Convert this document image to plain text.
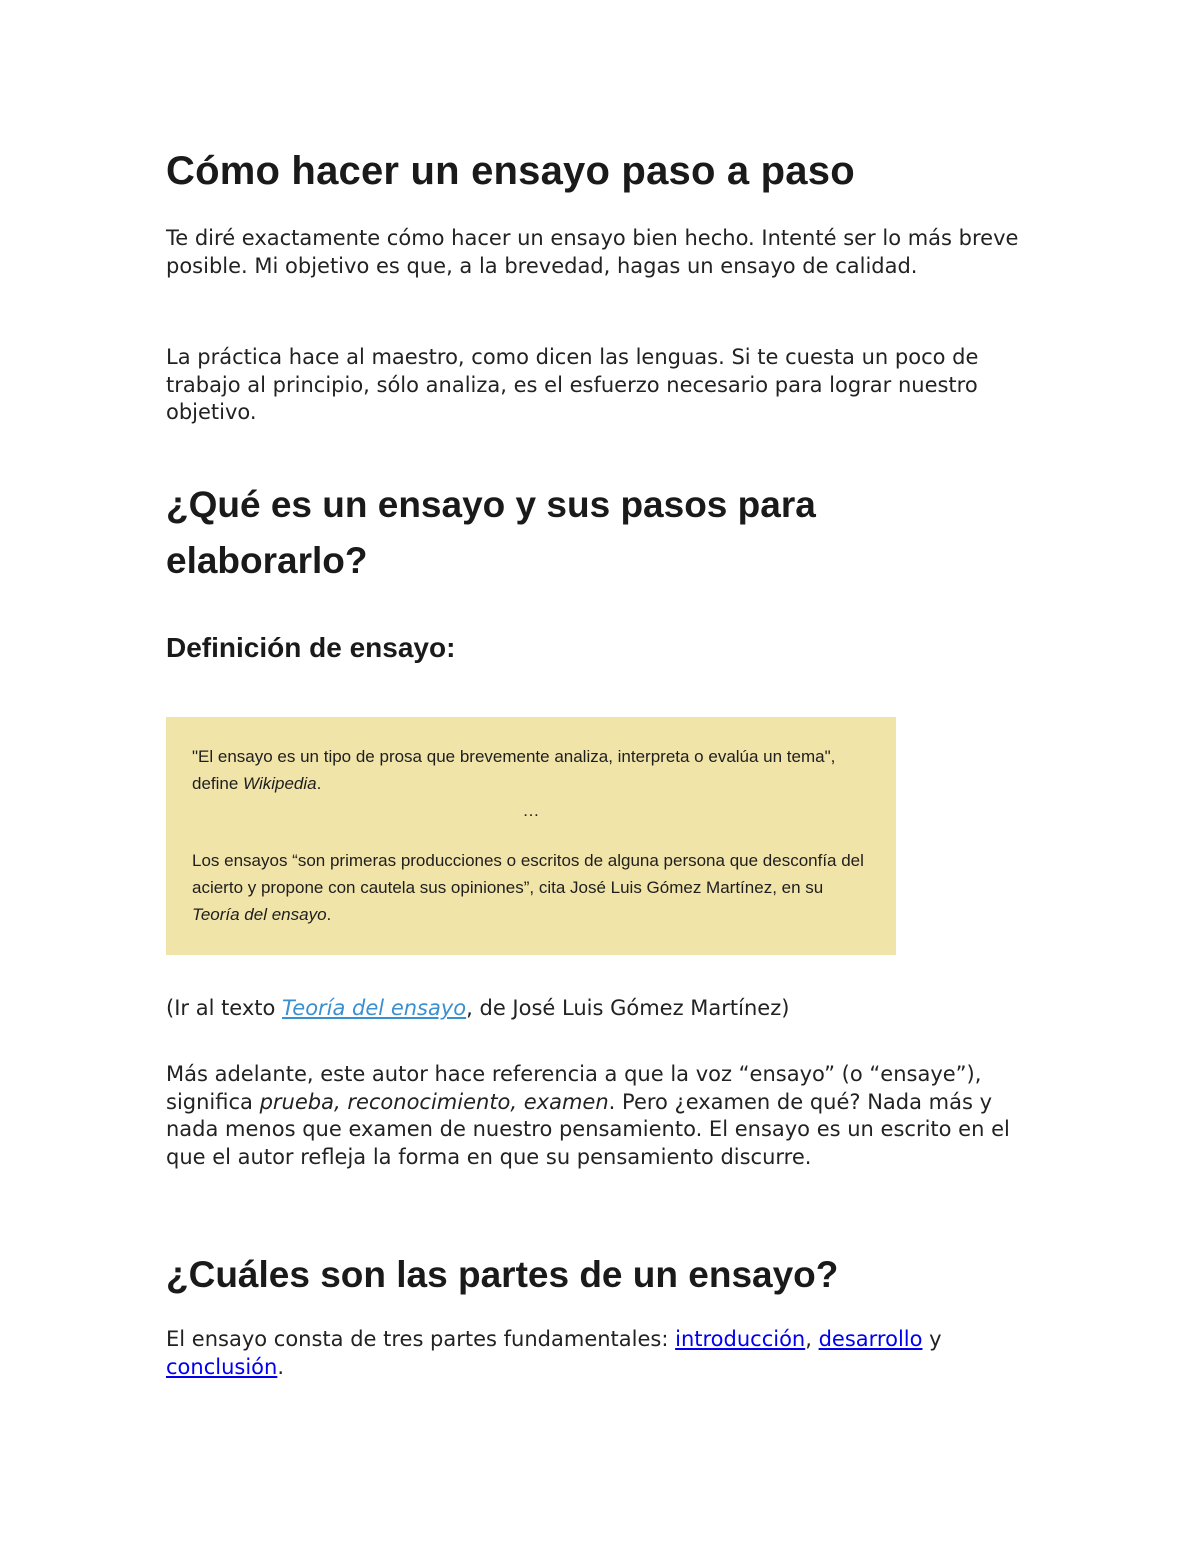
Cómo hacer un ensayo paso a paso

Te diré exactamente cómo hacer un ensayo bien hecho. Intenté ser lo más breve posible. Mi objetivo es que, a la brevedad, hagas un ensayo de calidad.

La práctica hace al maestro, como dicen las lenguas. Si te cuesta un poco de trabajo al principio, sólo analiza, es el esfuerzo necesario para lograr nuestro objetivo.

¿Qué es un ensayo y sus pasos para elaborarlo?
Definición de ensayo:

"El ensayo es un tipo de prosa que brevemente analiza, interpreta o evalúa un tema", define Wikipedia.

…

Los ensayos “son primeras producciones o escritos de alguna persona que desconfía del acierto y propone con cautela sus opiniones”, cita José Luis Gómez Martínez, en su Teoría del ensayo.

(Ir al texto Teoría del ensayo, de José Luis Gómez Martínez)

Más adelante, este autor hace referencia a que la voz “ensayo” (o “ensaye”), significa prueba, reconocimiento, examen. Pero ¿examen de qué? Nada más y nada menos que examen de nuestro pensamiento. El ensayo es un escrito en el que el autor refleja la forma en que su pensamiento discurre.

¿Cuáles son las partes de un ensayo?

El ensayo consta de tres partes fundamentales: introducción, desarrollo y conclusión.
